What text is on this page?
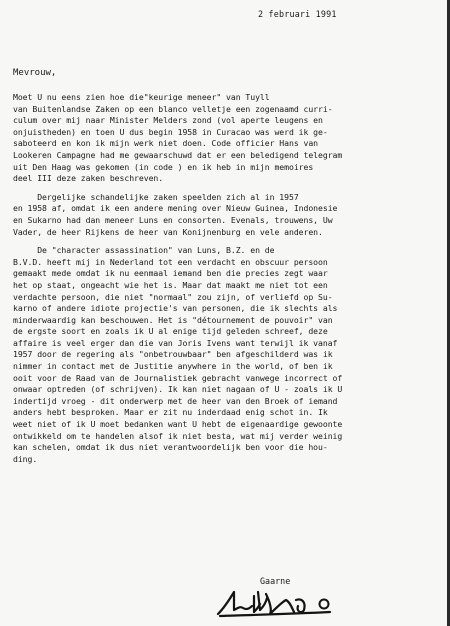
2 februari 1991
Mevrouw,
Moet U nu eens zien hoe die"keurige meneer" van Tuyll
van Buitenlandse Zaken op een blanco velletje een zogenaamd curri-
culum over mij naar Minister Melders zond (vol aperte leugens en
onjuistheden) en toen U dus begin 1958 in Curacao was werd ik ge-
saboteerd en kon ik mijn werk niet doen. Code officier Hans van
Lookeren Campagne had me gewaarschuwd dat er een beledigend telegram
uit Den Haag was gekomen (in code ) en ik heb in mijn memoires
deel III deze zaken beschreven.
Dergelijke schandelijke zaken speelden zich al in 1957
en 1958 af, omdat ik een andere mening over Nieuw Guinea, Indonesie
en Sukarno had dan meneer Luns en consorten. Evenals, trouwens, Uw
Vader, de heer Rijkens de heer van Konijnenburg en vele anderen.
De "character assassination" van Luns, B.Z. en de
B.V.D. heeft mij in Nederland tot een verdacht en obscuur persoon
gemaakt mede omdat ik nu eenmaal iemand ben die precies zegt waar
het op staat, ongeacht wie het is. Maar dat maakt me niet tot een
verdachte persoon, die niet "normaal" zou zijn, of verliefd op Su-
karno of andere idiote projectie's van personen, die ik slechts als
minderwaardig kan beschouwen. Het is "détournement de pouvoir" van
de ergste soort en zoals ik U al enige tijd geleden schreef, deze
affaire is veel erger dan die van Joris Ivens want terwijl ik vanaf
1957 door de regering als "onbetrouwbaar" ben afgeschilderd was ik
nimmer in contact met de Justitie anywhere in the world, of ben ik
ooit voor de Raad van de Journalistiek gebracht vanwege incorrect of
onwaar optreden (of schrijven). Ik kan niet nagaan of U - zoals ik U
indertijd vroeg - dit onderwerp met de heer van den Broek of iemand
anders hebt besproken. Maar er zit nu inderdaad enig schot in. Ik
weet niet of ik U moet bedanken want U hebt de eigenaardige gewoonte
ontwikkeld om te handelen alsof ik niet besta, wat mij verder weinig
kan schelen, omdat ik dus niet verantwoordelijk ben voor die hou-
ding.
Gaarne
